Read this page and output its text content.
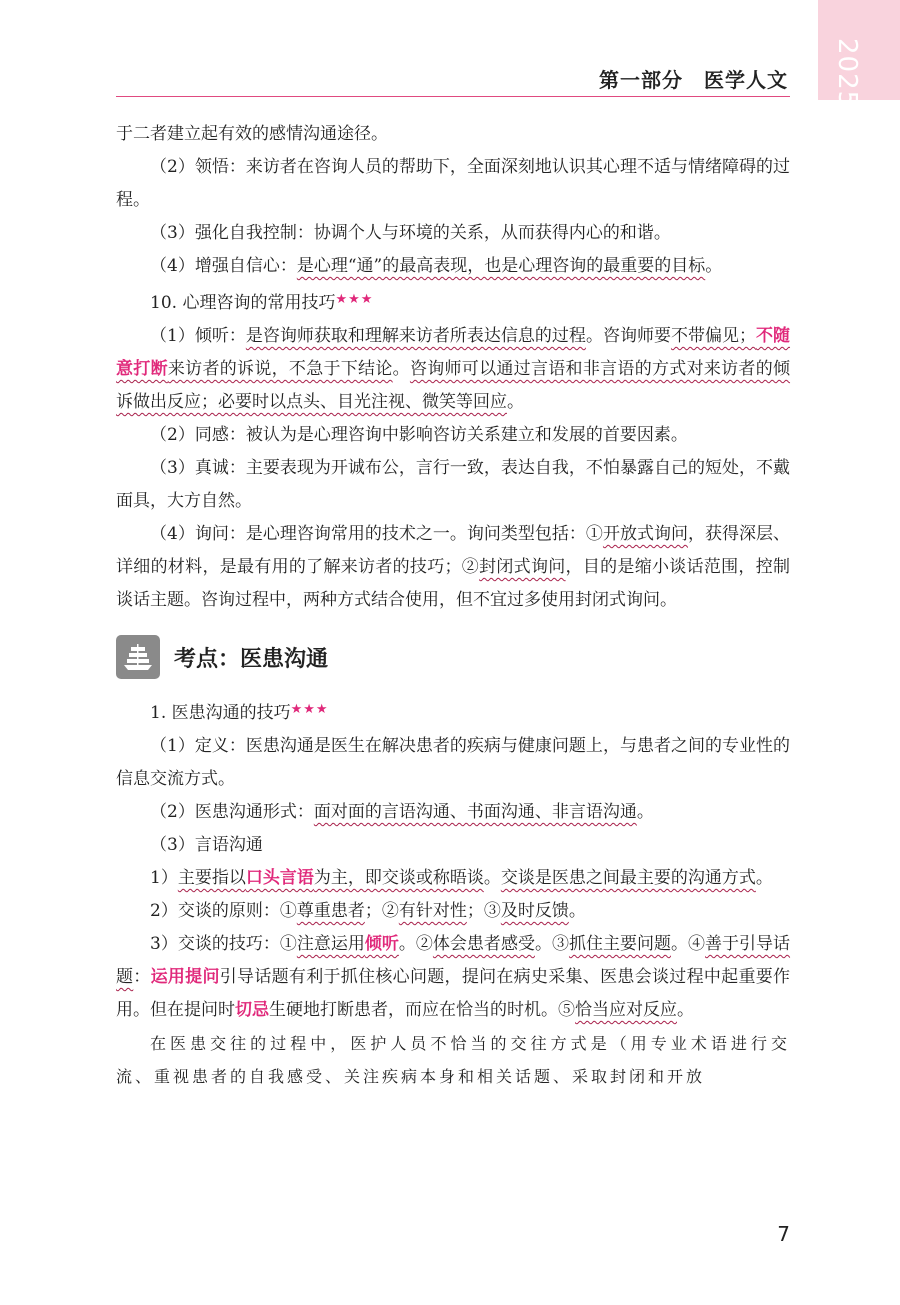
2025
第一部分　医学人文

于二者建立起有效的感情沟通途径。

（2）领悟：来访者在咨询人员的帮助下，全面深刻地认识其心理不适与情绪障碍的过程。

（3）强化自我控制：协调个人与环境的关系，从而获得内心的和谐。

（4）增强自信心：是心理“通”的最高表现，也是心理咨询的最重要的目标。

10. 心理咨询的常用技巧★★★

（1）倾听：是咨询师获取和理解来访者所表达信息的过程。咨询师要不带偏见；不随意打断来访者的诉说，不急于下结论。咨询师可以通过言语和非言语的方式对来访者的倾诉做出反应；必要时以点头、目光注视、微笑等回应。

（2）同感：被认为是心理咨询中影响咨访关系建立和发展的首要因素。

（3）真诚：主要表现为开诚布公，言行一致，表达自我，不怕暴露自己的短处，不戴面具，大方自然。

（4）询问：是心理咨询常用的技术之一。询问类型包括：①开放式询问，获得深层、详细的材料，是最有用的了解来访者的技巧；②封闭式询问，目的是缩小谈话范围，控制谈话主题。咨询过程中，两种方式结合使用，但不宜过多使用封闭式询问。

考点：医患沟通

1. 医患沟通的技巧★★★

（1）定义：医患沟通是医生在解决患者的疾病与健康问题上，与患者之间的专业性的信息交流方式。

（2）医患沟通形式：面对面的言语沟通、书面沟通、非言语沟通。

（3）言语沟通

1）主要指以口头言语为主，即交谈或称晤谈。交谈是医患之间最主要的沟通方式。

2）交谈的原则：①尊重患者；②有针对性；③及时反馈。

3）交谈的技巧：①注意运用倾听。②体会患者感受。③抓住主要问题。④善于引导话题：运用提问引导话题有利于抓住核心问题，提问在病史采集、医患会谈过程中起重要作用。但在提问时切忌生硬地打断患者，而应在恰当的时机。⑤恰当应对反应。

在医患交往的过程中，医护人员不恰当的交往方式是（用专业术语进行交流、重视患者的自我感受、关注疾病本身和相关话题、采取封闭和开放

7
